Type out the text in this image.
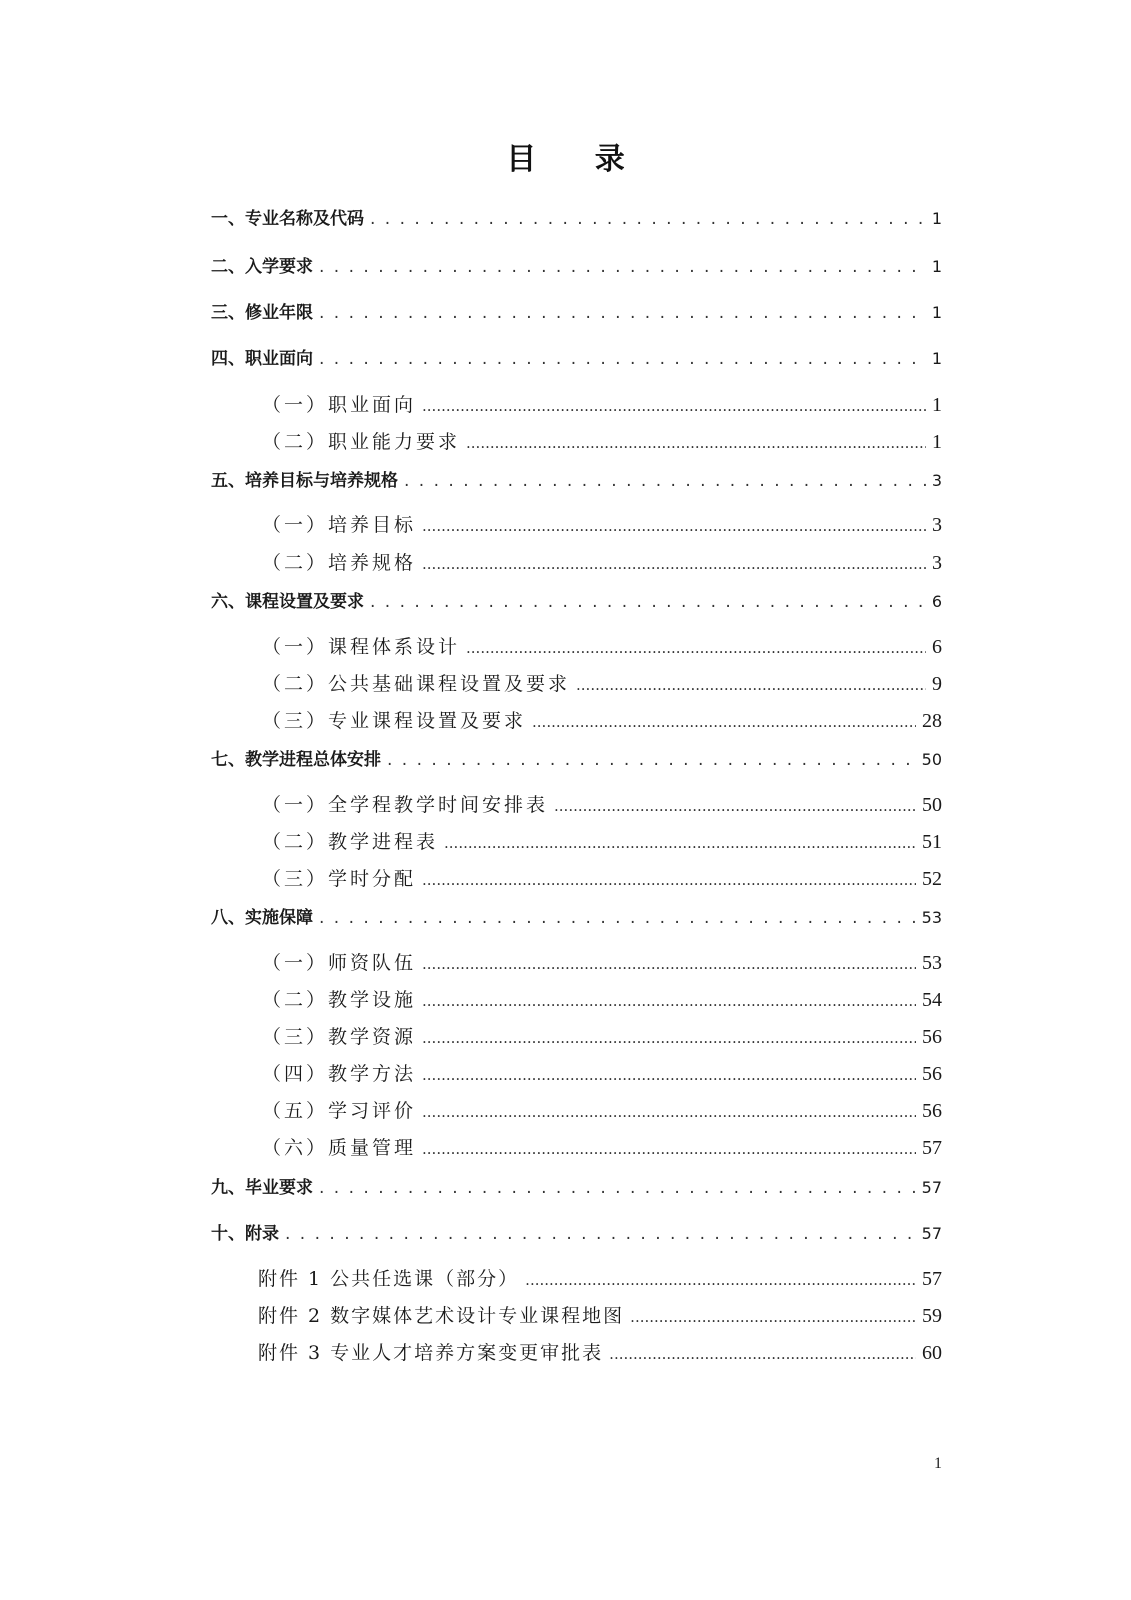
目 录
一、专业名称及代码 . . .	1
二、入学要求 . . .	1
三、修业年限 . . .	1
四、职业面向 . . .	1
（一）职业面向 .....	1
（二）职业能力要求 .....	1
五、培养目标与培养规格 . . .	3
（一）培养目标 .....	3
（二）培养规格 .....	3
六、课程设置及要求 . . .	6
（一）课程体系设计 .....	6
（二）公共基础课程设置及要求 .....	9
（三）专业课程设置及要求 .....	28
七、教学进程总体安排 . . .	50
（一）全学程教学时间安排表 .....	50
（二）教学进程表 .....	51
（三）学时分配 .....	52
八、实施保障 . . .	53
（一）师资队伍 .....	53
（二）教学设施 .....	54
（三）教学资源 .....	56
（四）教学方法 .....	56
（五）学习评价 .....	56
（六）质量管理 .....	57
九、毕业要求 . . .	57
十、附录 . . .	57
附件 1 公共任选课（部分） .....	57
附件 2 数字媒体艺术设计专业课程地图 .....	59
附件 3 专业人才培养方案变更审批表 .....	60
1
